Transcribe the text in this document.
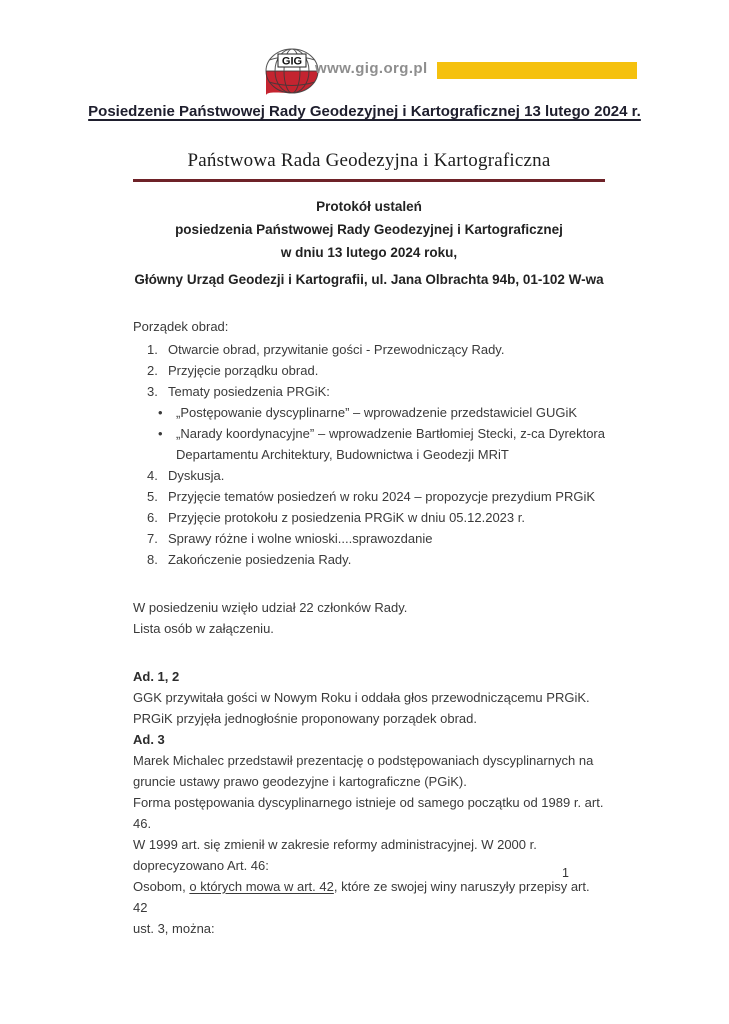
GIG www.gig.org.pl
Posiedzenie Państwowej Rady Geodezyjnej i Kartograficznej 13 lutego 2024 r.
Państwowa Rada Geodezyjna i Kartograficzna
Protokół ustaleń
posiedzenia Państwowej Rady Geodezyjnej i Kartograficznej
w dniu 13 lutego 2024 roku,
Główny Urząd Geodezji i Kartografii, ul. Jana Olbrachta 94b, 01-102 W-wa
Porządek obrad:
1. Otwarcie obrad, przywitanie gości - Przewodniczący Rady.
2. Przyjęcie porządku obrad.
3. Tematy posiedzenia PRGiK:
•	„Postępowanie dyscyplinarne” – wprowadzenie przedstawiciel GUGiK
•	„Narady koordynacyjne” – wprowadzenie Bartłomiej Stecki, z-ca Dyrektora
Departamentu Architektury, Budownictwa i Geodezji MRiT
4. Dyskusja.
5. Przyjęcie tematów posiedzeń w roku 2024 – propozycje prezydium PRGiK
6. Przyjęcie protokołu z posiedzenia PRGiK w dniu 05.12.2023 r.
7. Sprawy różne i wolne wnioski....sprawozdanie
8. Zakończenie posiedzenia Rady.
W posiedzeniu wzięło udział 22 członków Rady.
Lista osób w załączeniu.
Ad. 1, 2
GGK przywitała gości w Nowym Roku i oddała głos przewodniczącemu PRGiK.
PRGiK przyjęła jednogłośnie proponowany porządek obrad.
Ad. 3
Marek Michalec przedstawił prezentację o podstępowaniach dyscyplinarnych na
gruncie ustawy prawo geodezyjne i kartograficzne (PGiK).
Forma postępowania dyscyplinarnego istnieje od samego początku od 1989 r. art.
46.
W 1999 art. się zmienił w zakresie reformy administracyjnej. W 2000 r.
doprecyzowano Art. 46:
Osobom, o których mowa w art. 42, które ze swojej winy naruszyły przepisy art. 42
ust. 3, można:
1
